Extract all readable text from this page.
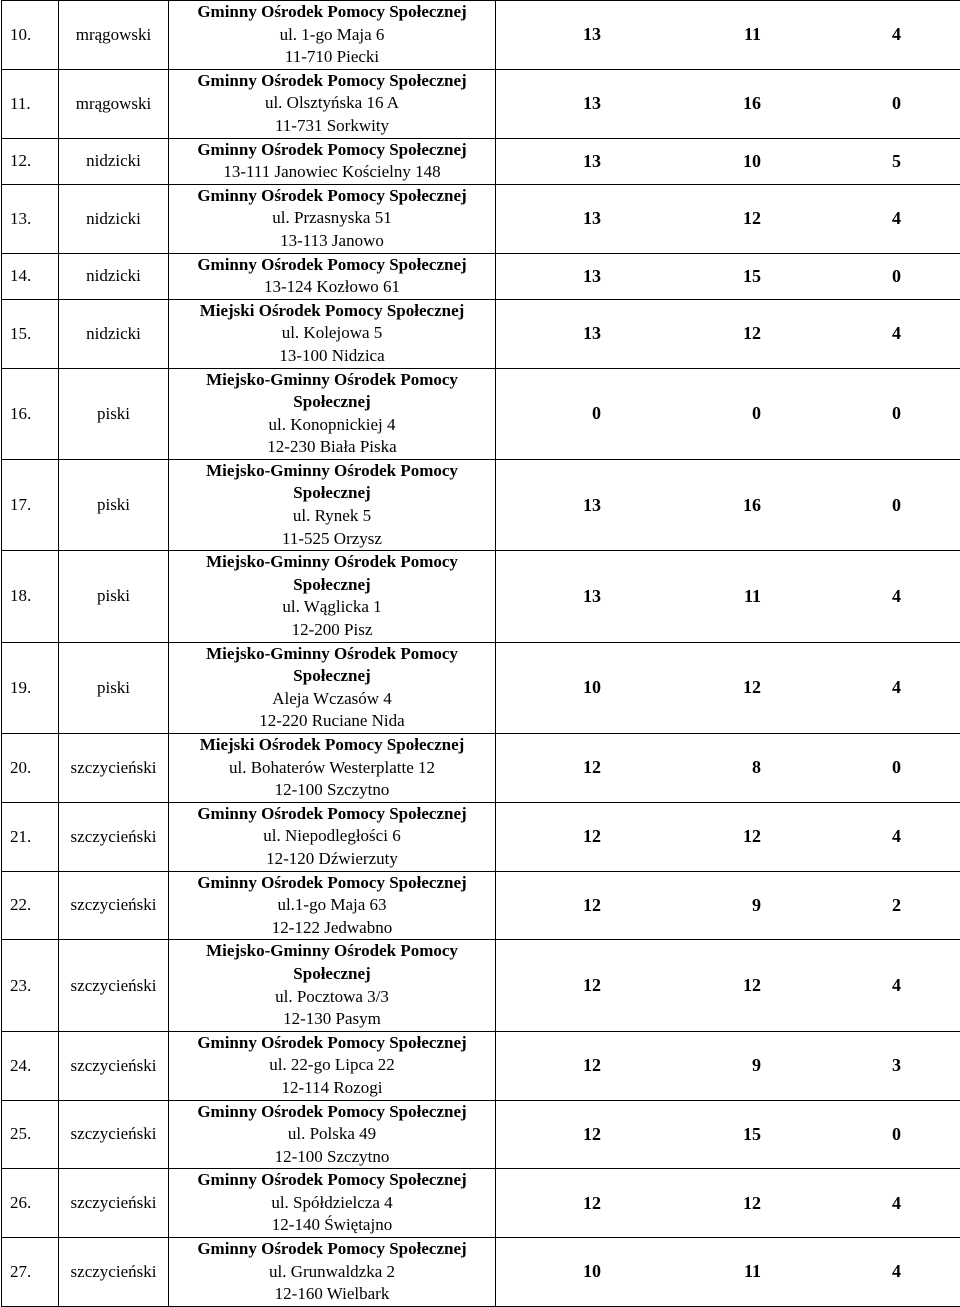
10.	mrągowski	Gminny Ośrodek Pomocy Społecznej
ul. 1-go Maja 6
11-710 Piecki	13 11 4

11.	mrągowski	Gminny Ośrodek Pomocy Społecznej
ul. Olsztyńska 16 A
11-731 Sorkwity	13 16 0

12.	nidzicki	Gminny Ośrodek Pomocy Społecznej
13-111 Janowiec Kościelny 148	13 10 5

13.	nidzicki	Gminny Ośrodek Pomocy Społecznej
ul. Przasnyska 51
13-113 Janowo	13 12 4

14.	nidzicki	Gminny Ośrodek Pomocy Społecznej
13-124 Kozłowo 61	13 15 0

15.	nidzicki	Miejski Ośrodek Pomocy Społecznej
ul. Kolejowa 5
13-100 Nidzica	13 12 4

16.	piski	Miejsko-Gminny Ośrodek Pomocy
Społecznej
ul. Konopnickiej 4
12-230 Biała Piska	0 0 0

17.	piski	Miejsko-Gminny Ośrodek Pomocy
Społecznej
ul. Rynek 5
11-525 Orzysz	13 16 0

18.	piski	Miejsko-Gminny Ośrodek Pomocy
Społecznej
ul. Wąglicka 1
12-200 Pisz	13 11 4

19.	piski	Miejsko-Gminny Ośrodek Pomocy
Społecznej
Aleja Wczasów 4
12-220 Ruciane Nida	10 12 4

20.	szczycieński	Miejski Ośrodek Pomocy Społecznej
ul. Bohaterów Westerplatte 12
12-100 Szczytno	12 8 0

21.	szczycieński	Gminny Ośrodek Pomocy Społecznej
ul. Niepodległości 6
12-120 Dźwierzuty	12 12 4

22.	szczycieński	Gminny Ośrodek Pomocy Społecznej
ul.1-go Maja 63
12-122 Jedwabno	12 9 2

23.	szczycieński	Miejsko-Gminny Ośrodek Pomocy
Społecznej
ul. Pocztowa 3/3
12-130 Pasym	12 12 4

24.	szczycieński	Gminny Ośrodek Pomocy Społecznej
ul. 22-go Lipca 22
12-114 Rozogi	12 9 3

25.	szczycieński	Gminny Ośrodek Pomocy Społecznej
ul. Polska 49
12-100 Szczytno	12 15 0

26.	szczycieński	Gminny Ośrodek Pomocy Społecznej
ul. Spółdzielcza 4
12-140 Świętajno	12 12 4

27.	szczycieński	Gminny Ośrodek Pomocy Społecznej
ul. Grunwaldzka 2
12-160 Wielbark	10 11 4
